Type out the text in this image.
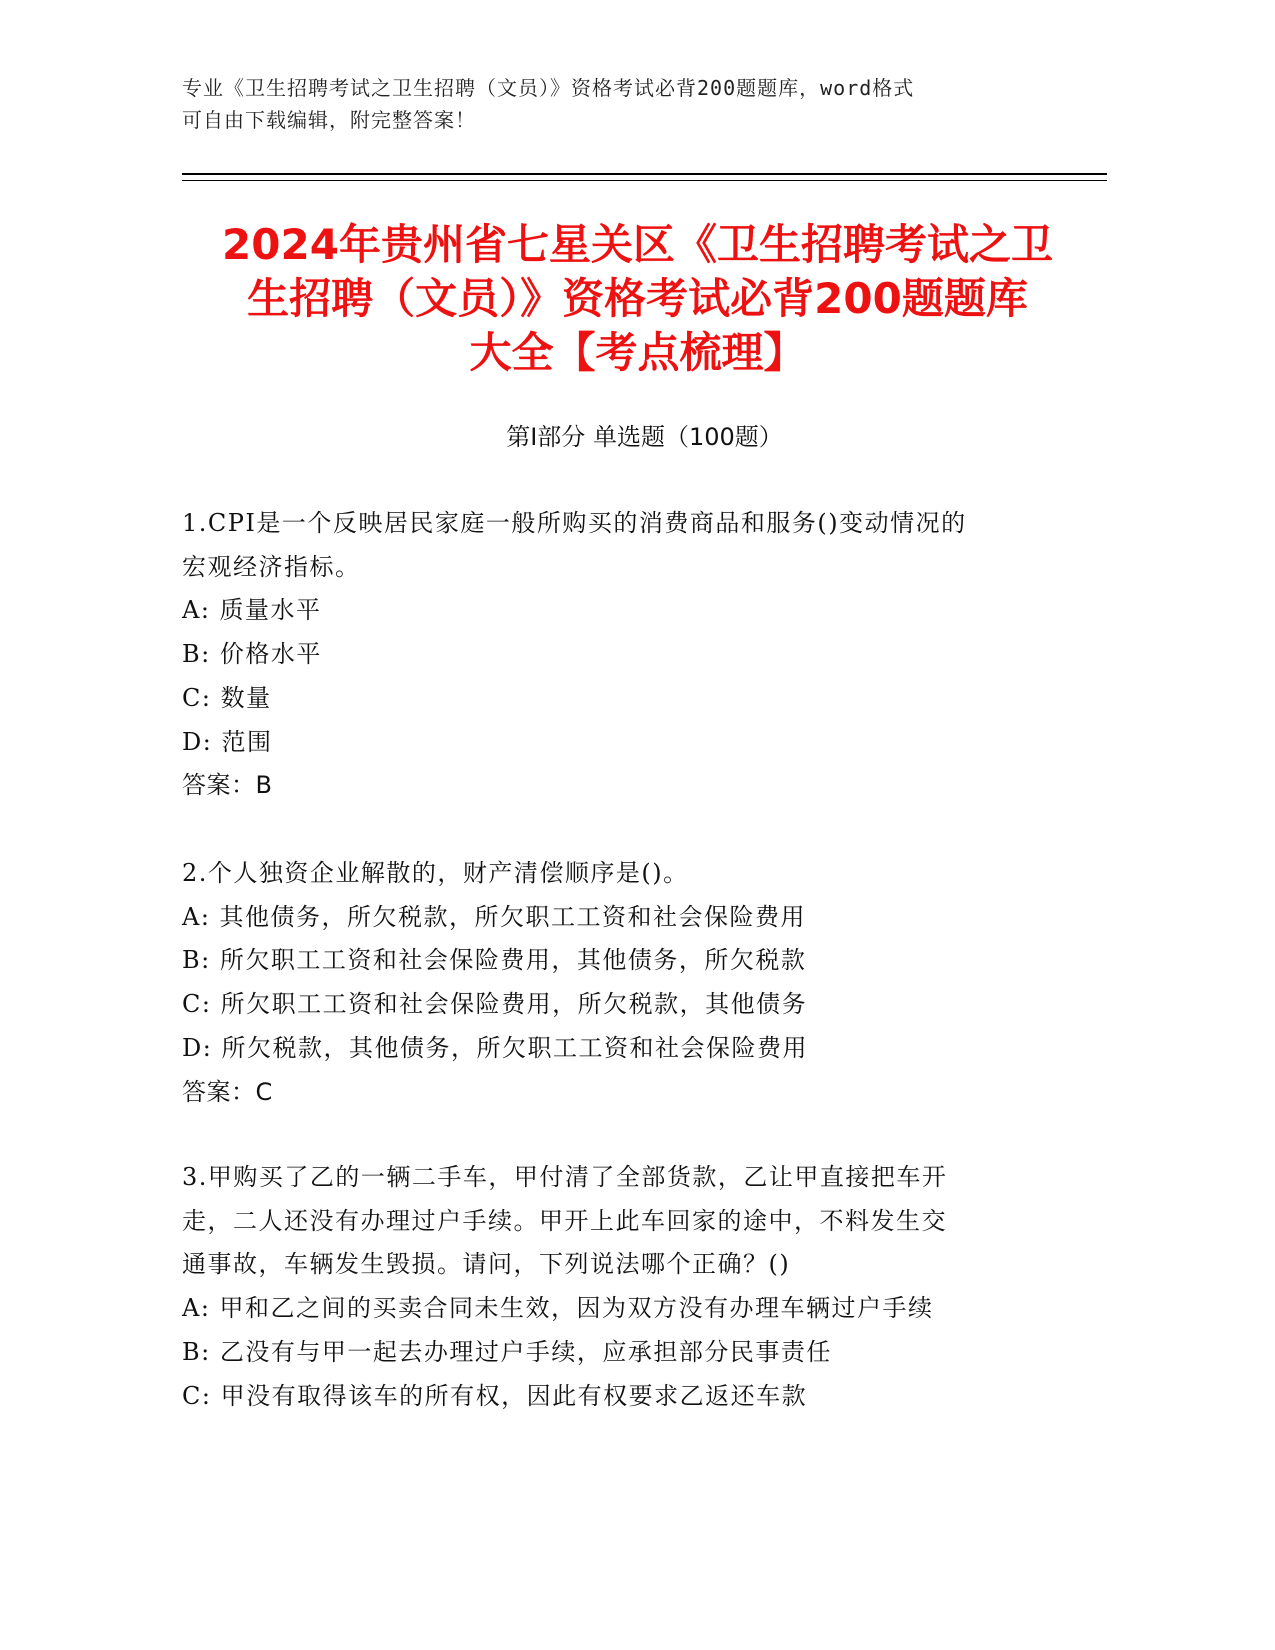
专业《卫生招聘考试之卫生招聘（文员）》资格考试必背200题题库，word格式
可自由下载编辑，附完整答案！
2024年贵州省七星关区《卫生招聘考试之卫
生招聘（文员）》资格考试必背200题题库
大全【考点梳理】
第Ⅰ部分 单选题（100题）

1.CPI是一个反映居民家庭一般所购买的消费商品和服务()变动情况的

宏观经济指标。

A: 质量水平

B: 价格水平

C: 数量

D: 范围

答案：B

2.个人独资企业解散的，财产清偿顺序是()。

A: 其他债务，所欠税款，所欠职工工资和社会保险费用

B: 所欠职工工资和社会保险费用，其他债务，所欠税款

C: 所欠职工工资和社会保险费用，所欠税款，其他债务

D: 所欠税款，其他债务，所欠职工工资和社会保险费用

答案：C

3.甲购买了乙的一辆二手车，甲付清了全部货款，乙让甲直接把车开

走，二人还没有办理过户手续。甲开上此车回家的途中，不料发生交

通事故，车辆发生毁损。请问，下列说法哪个正确？()

A: 甲和乙之间的买卖合同未生效，因为双方没有办理车辆过户手续

B: 乙没有与甲一起去办理过户手续，应承担部分民事责任

C: 甲没有取得该车的所有权，因此有权要求乙返还车款
